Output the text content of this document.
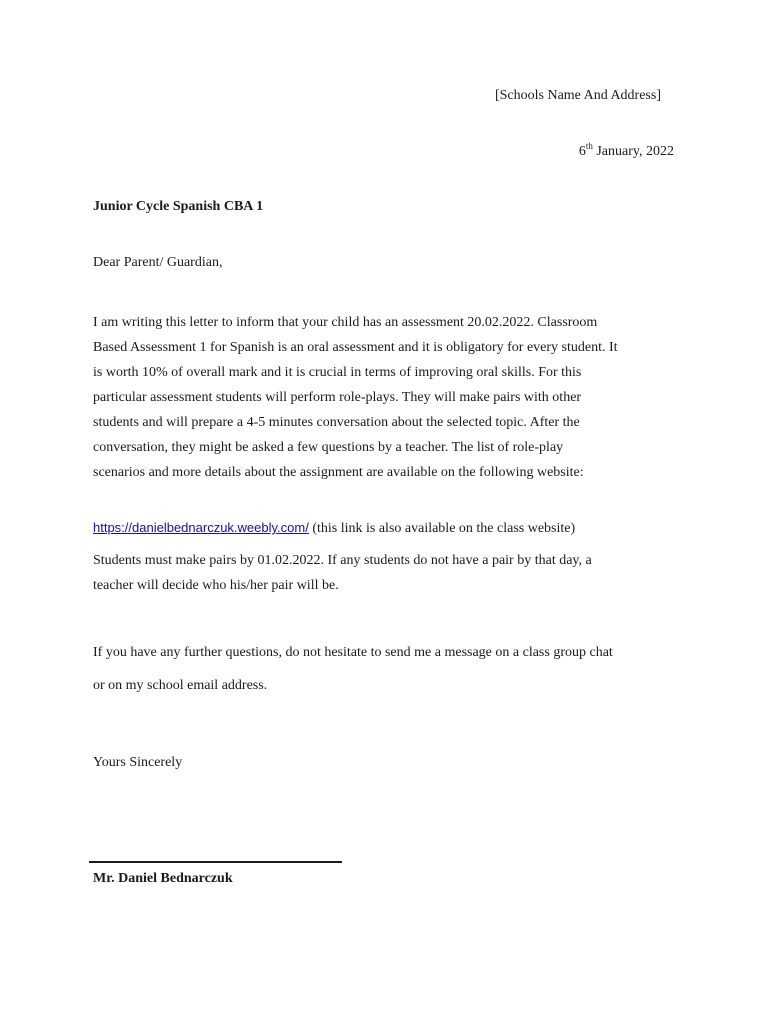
[Schools Name And Address]
6th January, 2022
Junior Cycle Spanish CBA 1
Dear Parent/ Guardian,
I am writing this letter to inform that your child has an assessment 20.02.2022. Classroom
Based Assessment 1 for Spanish is an oral assessment and it is obligatory for every student. It
is worth 10% of overall mark and it is crucial in terms of improving oral skills. For this
particular assessment students will perform role-plays. They will make pairs with other
students and will prepare a 4-5 minutes conversation about the selected topic. After the
conversation, they might be asked a few questions by a teacher. The list of role-play
scenarios and more details about the assignment are available on the following website:
https://danielbednarczuk.weebly.com/ (this link is also available on the class website)
Students must make pairs by 01.02.2022. If any students do not have a pair by that day, a
teacher will decide who his/her pair will be.
If you have any further questions, do not hesitate to send me a message on a class group chat
or on my school email address.
Yours Sincerely
Mr. Daniel Bednarczuk
